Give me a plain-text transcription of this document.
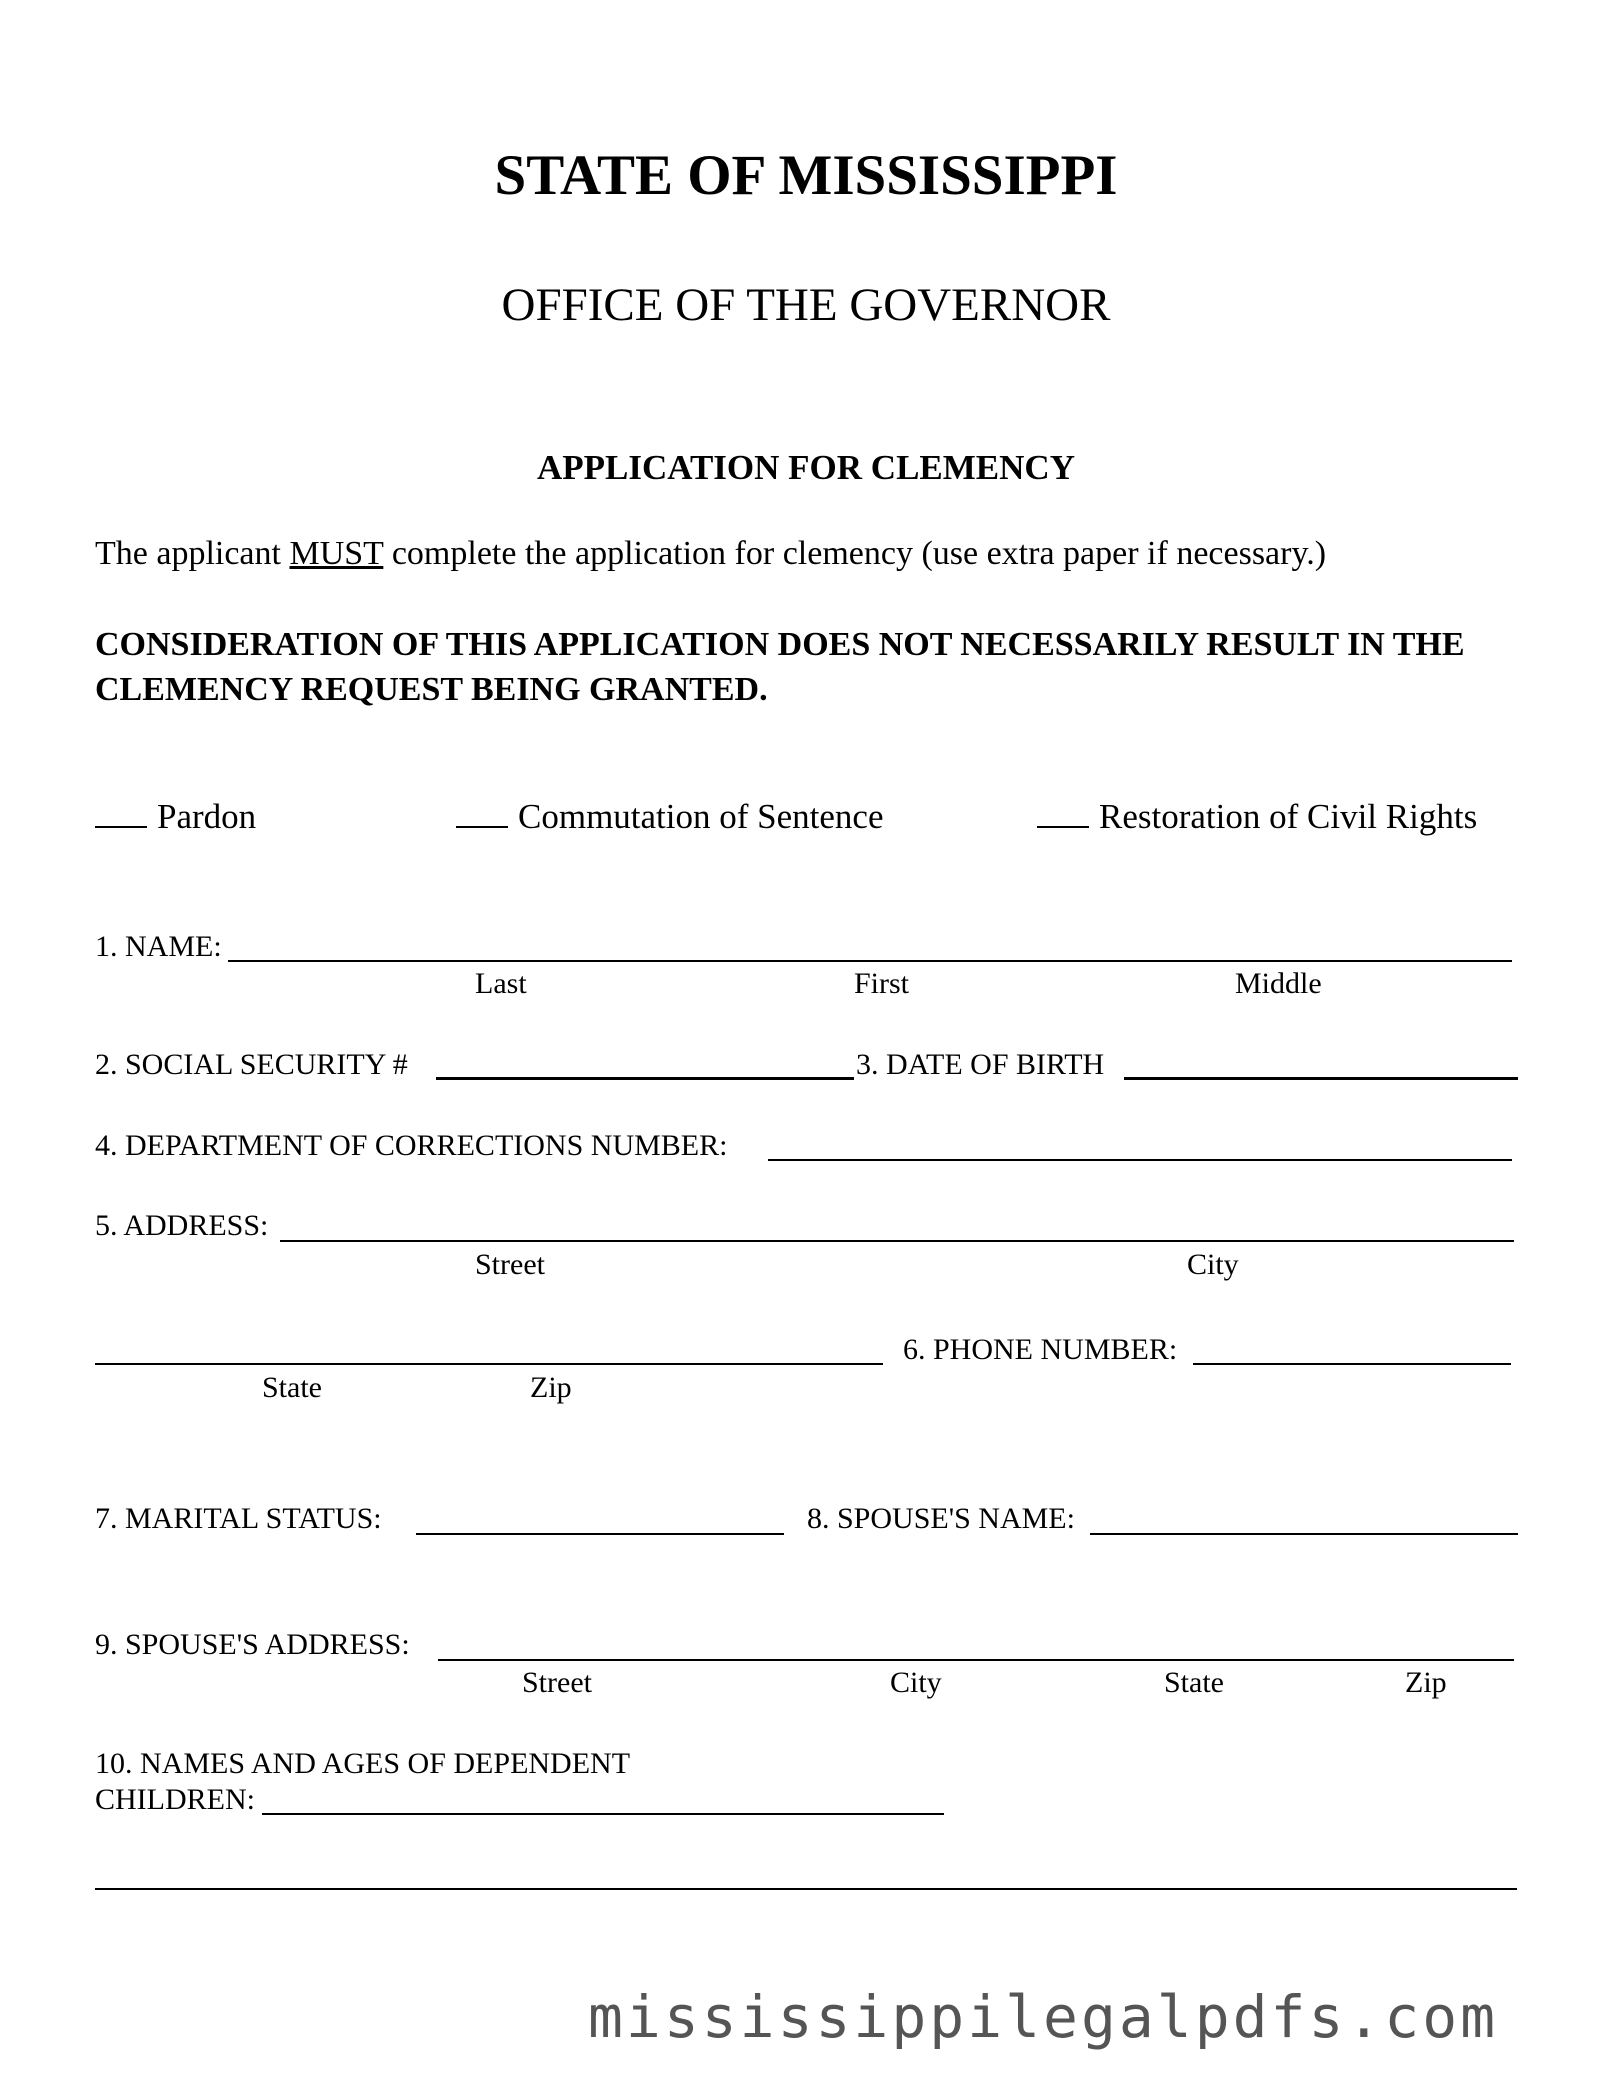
STATE OF MISSISSIPPI
OFFICE OF THE GOVERNOR
APPLICATION FOR CLEMENCY
The applicant MUST complete the application for clemency (use extra paper if necessary.)
CONSIDERATION OF THIS APPLICATION DOES NOT NECESSARILY RESULT IN THE CLEMENCY REQUEST BEING GRANTED.
Pardon	Commutation of Sentence	Restoration of Civil Rights
1. NAME:
Last	First	Middle
2. SOCIAL SECURITY #	3. DATE OF BIRTH
4. DEPARTMENT OF CORRECTIONS NUMBER:
5. ADDRESS:
Street	City
State	Zip
6. PHONE NUMBER:
7. MARITAL STATUS:	8. SPOUSE'S NAME:
9. SPOUSE'S ADDRESS:
Street	City	State	Zip
10. NAMES AND AGES OF DEPENDENT
CHILDREN:
mississippilegalpdfs.com
